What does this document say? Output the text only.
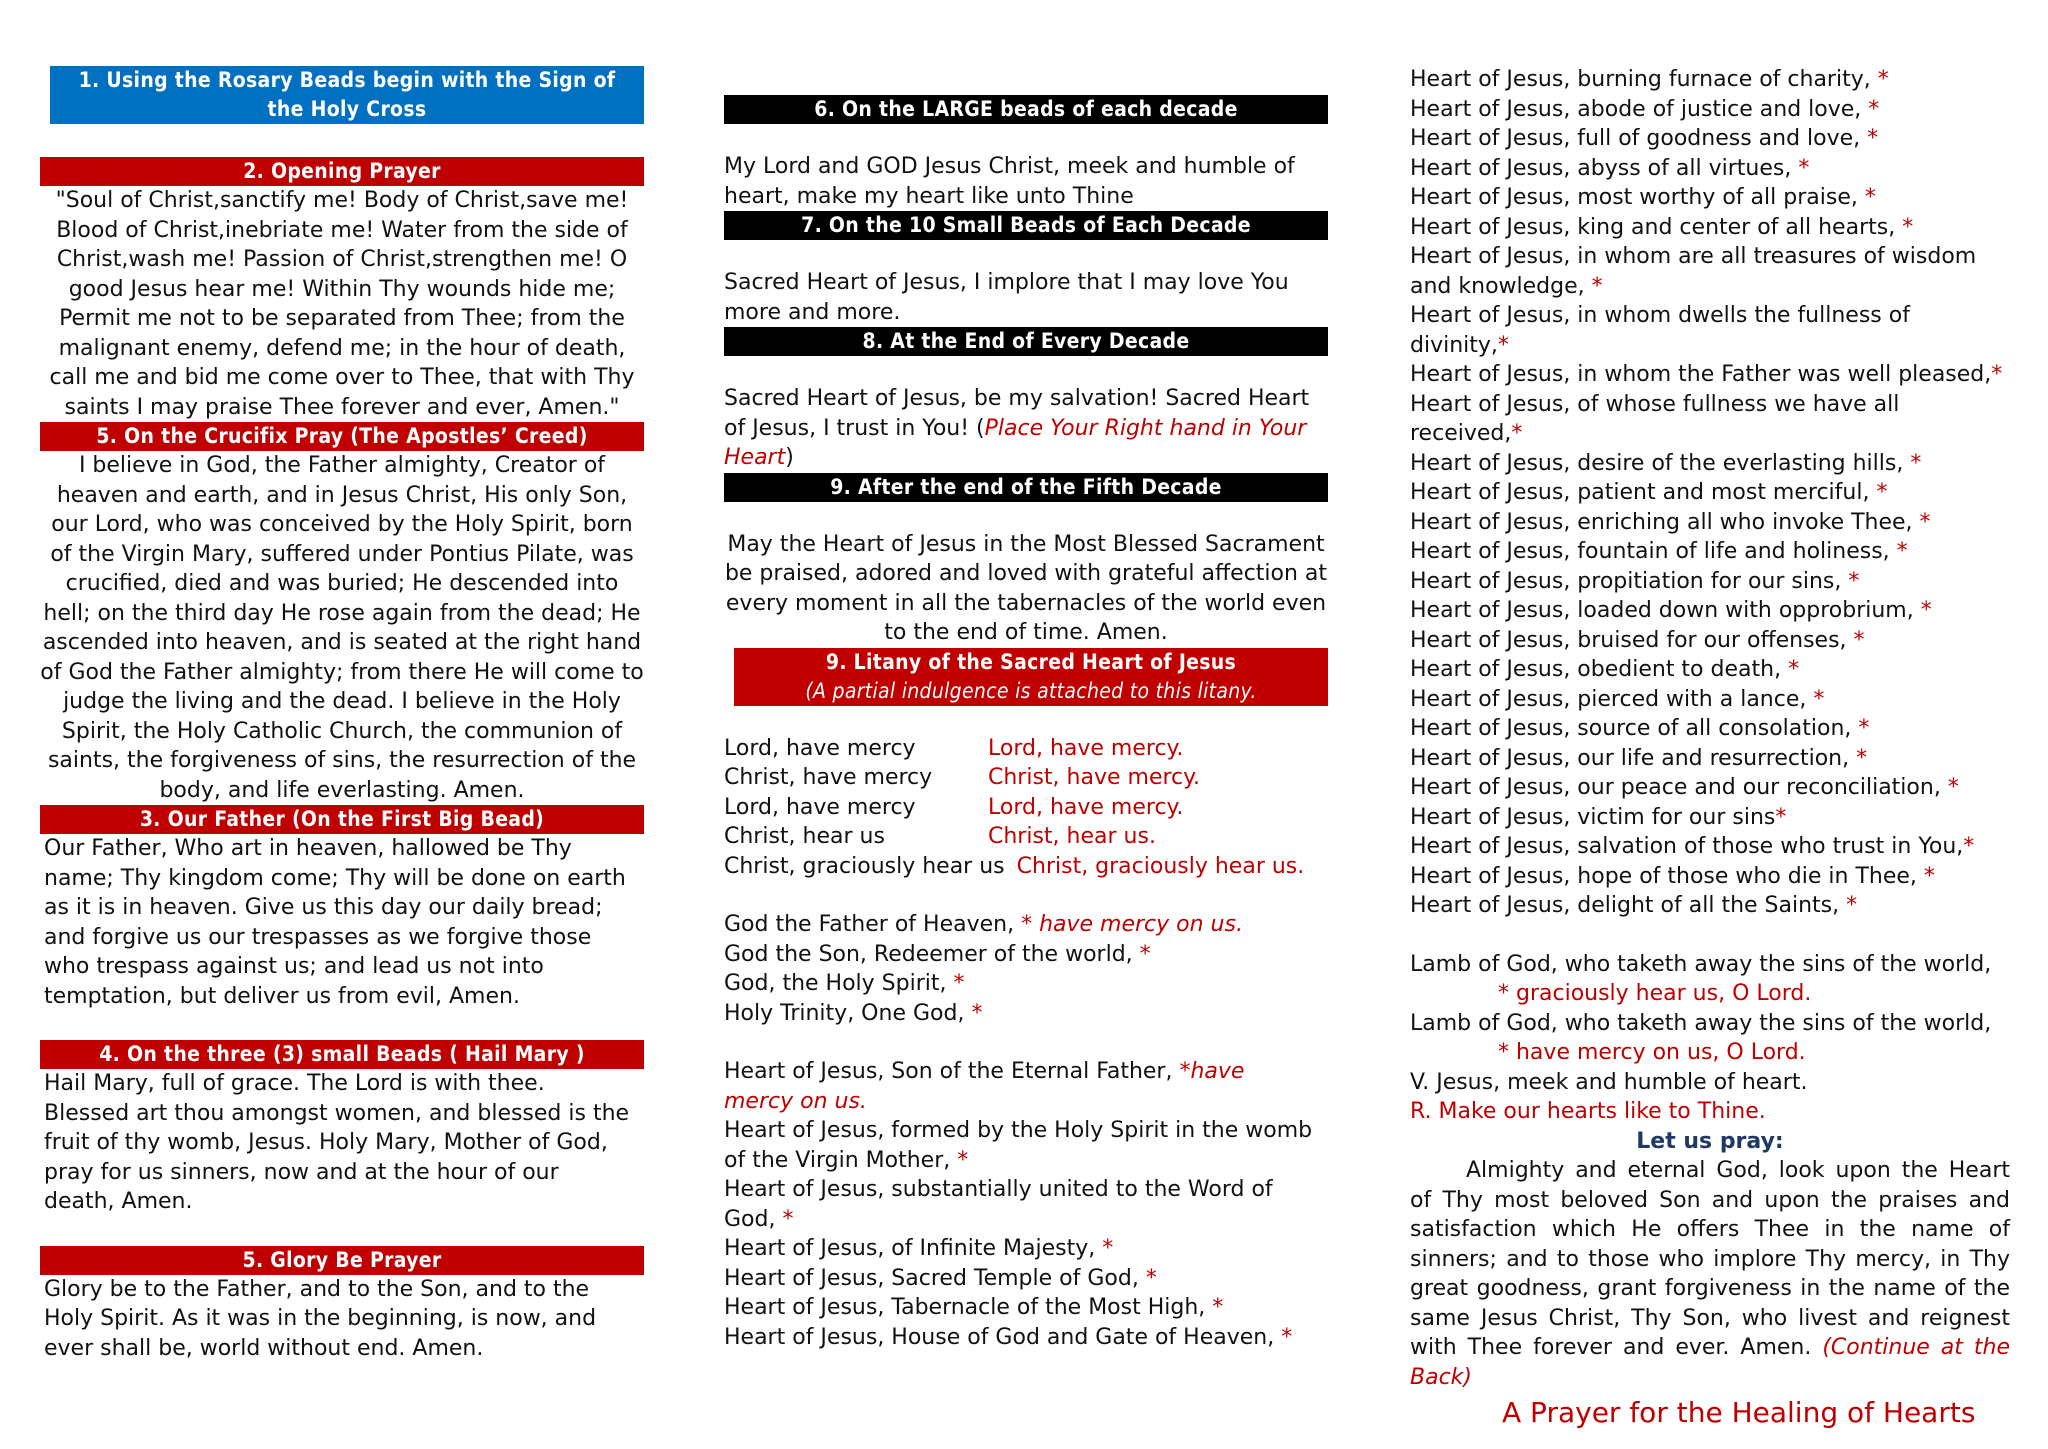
1. Using the Rosary Beads begin with the Sign of the Holy Cross
2. Opening Prayer
"Soul of Christ,sanctify me! Body of Christ,save me! Blood of Christ,inebriate me! Water from the side of Christ,wash me! Passion of Christ,strengthen me! O good Jesus hear me! Within Thy wounds hide me; Permit me not to be separated from Thee; from the malignant enemy, defend me; in the hour of death, call me and bid me come over to Thee, that with Thy saints I may praise Thee forever and ever, Amen."
5. On the Crucifix Pray (The Apostles’ Creed)
I believe in God, the Father almighty, Creator of heaven and earth, and in Jesus Christ, His only Son, our Lord, who was conceived by the Holy Spirit, born of the Virgin Mary, suffered under Pontius Pilate, was crucified, died and was buried; He descended into hell; on the third day He rose again from the dead; He ascended into heaven, and is seated at the right hand of God the Father almighty; from there He will come to judge the living and the dead. I believe in the Holy Spirit, the Holy Catholic Church, the communion of saints, the forgiveness of sins, the resurrection of the body, and life everlasting. Amen.
3. Our Father (On the First Big Bead)
Our Father, Who art in heaven, hallowed be Thy name; Thy kingdom come; Thy will be done on earth as it is in heaven. Give us this day our daily bread; and forgive us our trespasses as we forgive those who trespass against us; and lead us not into temptation, but deliver us from evil, Amen.
4. On the three (3) small Beads ( Hail Mary )
Hail Mary, full of grace. The Lord is with thee. Blessed art thou amongst women, and blessed is the fruit of thy womb, Jesus. Holy Mary, Mother of God, pray for us sinners, now and at the hour of our death, Amen.
5. Glory Be Prayer
Glory be to the Father, and to the Son, and to the Holy Spirit. As it was in the beginning, is now, and ever shall be, world without end. Amen.
6. On the LARGE beads of each decade
My Lord and GOD Jesus Christ, meek and humble of heart, make my heart like unto Thine
7. On the 10 Small Beads of Each Decade
Sacred Heart of Jesus, I implore that I may love You more and more.
8. At the End of Every Decade
Sacred Heart of Jesus, be my salvation! Sacred Heart of Jesus, I trust in You! (Place Your Right hand in Your Heart)
9. After the end of the Fifth Decade
May the Heart of Jesus in the Most Blessed Sacrament be praised, adored and loved with grateful affection at every moment in all the tabernacles of the world even to the end of time. Amen.
9. Litany of the Sacred Heart of Jesus
(A partial indulgence is attached to this litany.
Lord, have mercy	Lord, have mercy.
Christ, have mercy	Christ, have mercy.
Lord, have mercy	Lord, have mercy.
Christ, hear us	Christ, hear us.
Christ, graciously hear us Christ, graciously hear us.
God the Father of Heaven, * have mercy on us.
God the Son, Redeemer of the world, *
God, the Holy Spirit, *
Holy Trinity, One God, *
Heart of Jesus, Son of the Eternal Father, *have mercy on us.
Heart of Jesus, formed by the Holy Spirit in the womb of the Virgin Mother, *
Heart of Jesus, substantially united to the Word of God, *
Heart of Jesus, of Infinite Majesty, *
Heart of Jesus, Sacred Temple of God, *
Heart of Jesus, Tabernacle of the Most High, *
Heart of Jesus, House of God and Gate of Heaven, *
Heart of Jesus, burning furnace of charity, *
Heart of Jesus, abode of justice and love, *
Heart of Jesus, full of goodness and love, *
Heart of Jesus, abyss of all virtues, *
Heart of Jesus, most worthy of all praise, *
Heart of Jesus, king and center of all hearts, *
Heart of Jesus, in whom are all treasures of wisdom and knowledge, *
Heart of Jesus, in whom dwells the fullness of divinity,*
Heart of Jesus, in whom the Father was well pleased,*
Heart of Jesus, of whose fullness we have all received,*
Heart of Jesus, desire of the everlasting hills, *
Heart of Jesus, patient and most merciful, *
Heart of Jesus, enriching all who invoke Thee, *
Heart of Jesus, fountain of life and holiness, *
Heart of Jesus, propitiation for our sins, *
Heart of Jesus, loaded down with opprobrium, *
Heart of Jesus, bruised for our offenses, *
Heart of Jesus, obedient to death, *
Heart of Jesus, pierced with a lance, *
Heart of Jesus, source of all consolation, *
Heart of Jesus, our life and resurrection, *
Heart of Jesus, our peace and our reconciliation, *
Heart of Jesus, victim for our sins*
Heart of Jesus, salvation of those who trust in You,*
Heart of Jesus, hope of those who die in Thee, *
Heart of Jesus, delight of all the Saints, *
Lamb of God, who taketh away the sins of the world,
* graciously hear us, O Lord.
Lamb of God, who taketh away the sins of the world,
* have mercy on us, O Lord.
V. Jesus, meek and humble of heart.
R. Make our hearts like to Thine.
Let us pray:
Almighty and eternal God, look upon the Heart of Thy most beloved Son and upon the praises and satisfaction which He offers Thee in the name of sinners; and to those who implore Thy mercy, in Thy great goodness, grant forgiveness in the name of the same Jesus Christ, Thy Son, who livest and reignest with Thee forever and ever. Amen. (Continue at the Back)
A Prayer for the Healing of Hearts
